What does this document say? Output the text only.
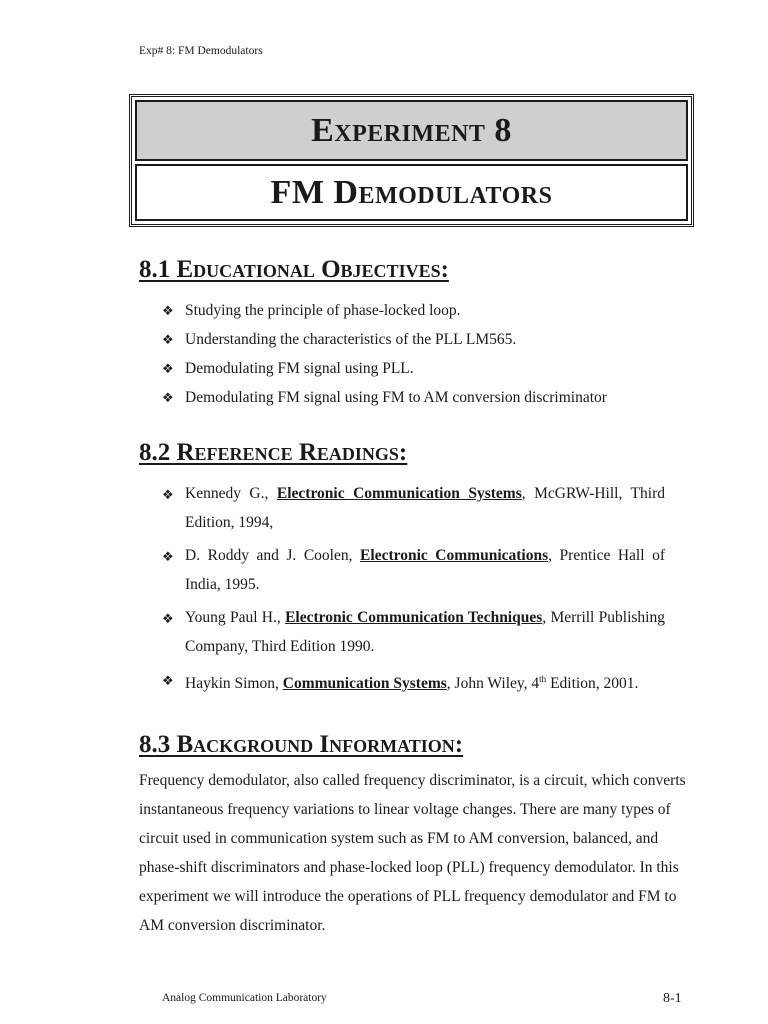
Exp# 8: FM Demodulators
Experiment 8
FM Demodulators
8.1 Educational Objectives:
❖ Studying the principle of phase-locked loop.
❖ Understanding the characteristics of the PLL LM565.
❖ Demodulating FM signal using PLL.
❖ Demodulating FM signal using FM to AM conversion discriminator
8.2 Reference Readings:
❖ Kennedy G., Electronic Communication Systems, McGRW-Hill, Third Edition, 1994,
❖ D. Roddy and J. Coolen, Electronic Communications, Prentice Hall of India, 1995.
❖ Young Paul H., Electronic Communication Techniques, Merrill Publishing Company, Third Edition 1990.
❖ Haykin Simon, Communication Systems, John Wiley, 4th Edition, 2001.
8.3 Background Information:

Frequency demodulator, also called frequency discriminator, is a circuit, which converts instantaneous frequency variations to linear voltage changes. There are many types of circuit used in communication system such as FM to AM conversion, balanced, and phase-shift discriminators and phase-locked loop (PLL) frequency demodulator. In this experiment we will introduce the operations of PLL frequency demodulator and FM to AM conversion discriminator.

Analog Communication Laboratory	8-1
